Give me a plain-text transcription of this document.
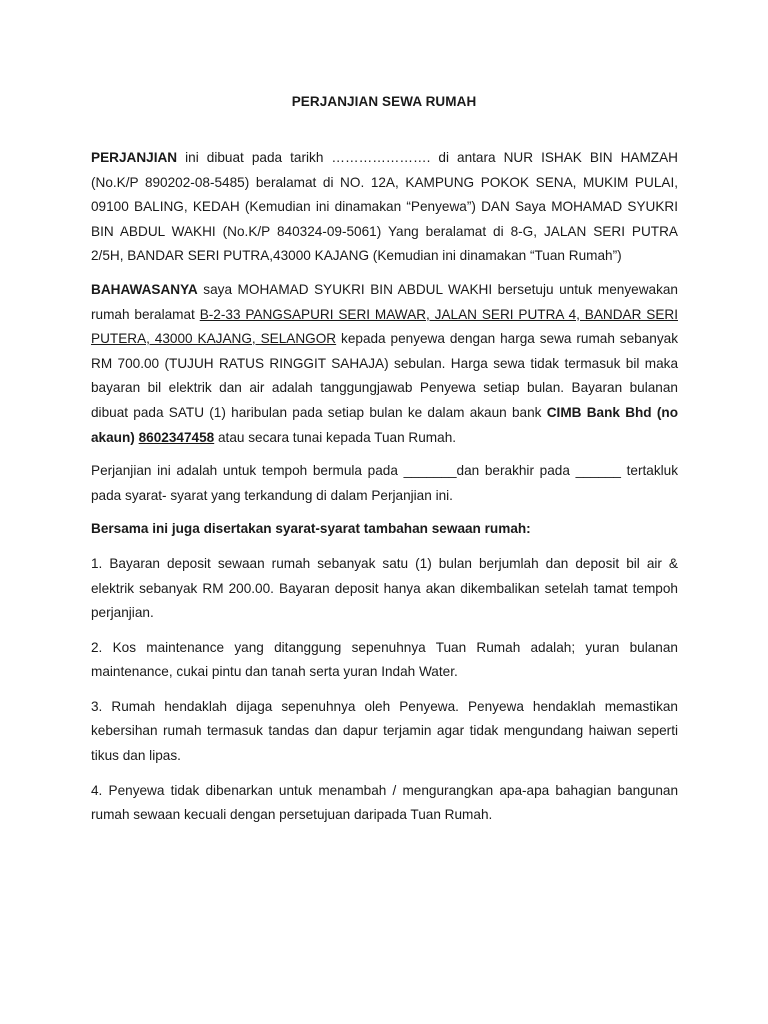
PERJANJIAN SEWA RUMAH

PERJANJIAN ini dibuat pada tarikh …………………. di antara NUR ISHAK BIN HAMZAH (No.K/P 890202-08-5485) beralamat di NO. 12A, KAMPUNG POKOK SENA, MUKIM PULAI, 09100 BALING, KEDAH (Kemudian ini dinamakan “Penyewa”) DAN Saya MOHAMAD SYUKRI BIN ABDUL WAKHI (No.K/P 840324-09-5061) Yang beralamat di 8-G, JALAN SERI PUTRA 2/5H, BANDAR SERI PUTRA,43000 KAJANG (Kemudian ini dinamakan “Tuan Rumah”)

BAHAWASANYA saya MOHAMAD SYUKRI BIN ABDUL WAKHI bersetuju untuk menyewakan rumah beralamat B-2-33 PANGSAPURI SERI MAWAR, JALAN SERI PUTRA 4, BANDAR SERI PUTERA, 43000 KAJANG, SELANGOR kepada penyewa dengan harga sewa rumah sebanyak RM 700.00 (TUJUH RATUS RINGGIT SAHAJA) sebulan. Harga sewa tidak termasuk bil maka bayaran bil elektrik dan air adalah tanggungjawab Penyewa setiap bulan. Bayaran bulanan dibuat pada SATU (1) haribulan pada setiap bulan ke dalam akaun bank CIMB Bank Bhd (no akaun) 8602347458 atau secara tunai kepada Tuan Rumah.

Perjanjian ini adalah untuk tempoh bermula pada _______dan berakhir pada ______ tertakluk pada syarat- syarat yang terkandung di dalam Perjanjian ini.

Bersama ini juga disertakan syarat-syarat tambahan sewaan rumah:

1. Bayaran deposit sewaan rumah sebanyak satu (1) bulan berjumlah dan deposit bil air & elektrik sebanyak RM 200.00. Bayaran deposit hanya akan dikembalikan setelah tamat tempoh perjanjian.

2. Kos maintenance yang ditanggung sepenuhnya Tuan Rumah adalah; yuran bulanan maintenance, cukai pintu dan tanah serta yuran Indah Water.

3. Rumah hendaklah dijaga sepenuhnya oleh Penyewa. Penyewa hendaklah memastikan kebersihan rumah termasuk tandas dan dapur terjamin agar tidak mengundang haiwan seperti tikus dan lipas.

4. Penyewa tidak dibenarkan untuk menambah / mengurangkan apa-apa bahagian bangunan rumah sewaan kecuali dengan persetujuan daripada Tuan Rumah.
